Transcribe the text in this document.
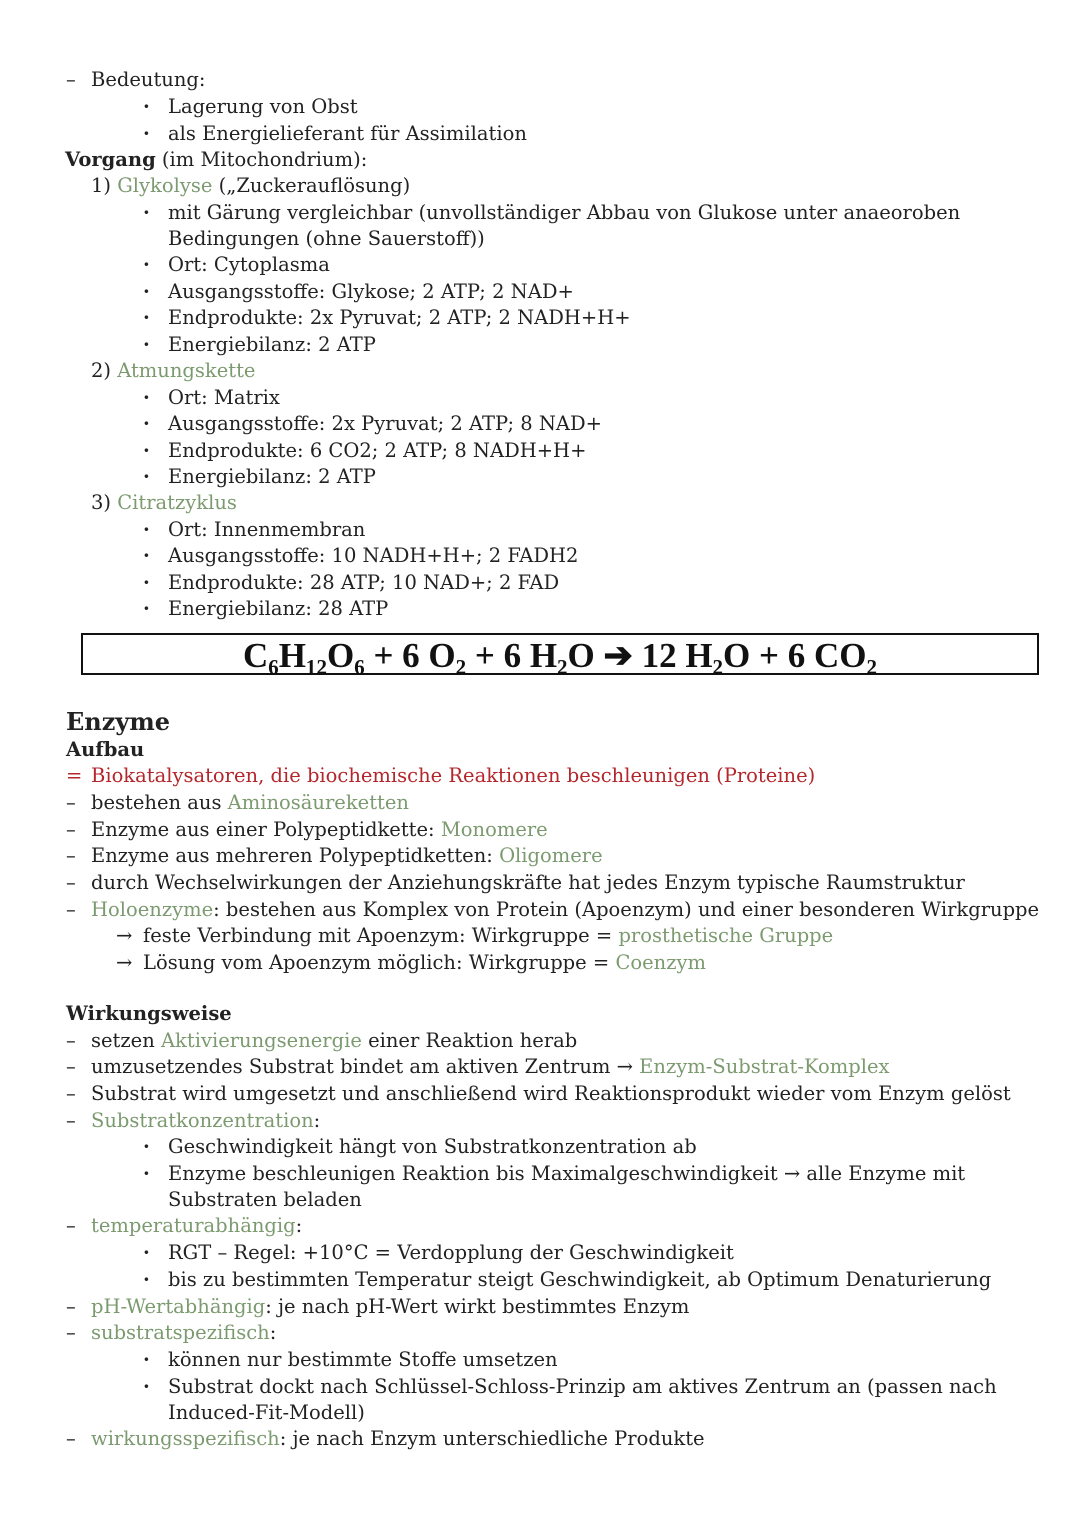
– Bedeutung:
· Lagerung von Obst
· als Energielieferant für Assimilation
Vorgang (im Mitochondrium):
1) Glykolyse („Zuckerauflösung)
· mit Gärung vergleichbar (unvollständiger Abbau von Glukose unter anaeoroben
Bedingungen (ohne Sauerstoff))
· Ort: Cytoplasma
· Ausgangsstoffe: Glykose; 2 ATP; 2 NAD+
· Endprodukte: 2x Pyruvat; 2 ATP; 2 NADH+H+
· Energiebilanz: 2 ATP
2) Atmungskette
· Ort: Matrix
· Ausgangsstoffe: 2x Pyruvat; 2 ATP; 8 NAD+
· Endprodukte: 6 CO2; 2 ATP; 8 NADH+H+
· Energiebilanz: 2 ATP
3) Citratzyklus
· Ort: Innenmembran
· Ausgangsstoffe: 10 NADH+H+; 2 FADH2
· Endprodukte: 28 ATP; 10 NAD+; 2 FAD
· Energiebilanz: 28 ATP
C₆H₁₂O₆ + 6 O₂ + 6 H₂O ➔ 12 H₂O + 6 CO₂
Enzyme
Aufbau
= Biokatalysatoren, die biochemische Reaktionen beschleunigen (Proteine)
– bestehen aus Aminosäureketten
– Enzyme aus einer Polypeptidkette: Monomere
– Enzyme aus mehreren Polypeptidketten: Oligomere
– durch Wechselwirkungen der Anziehungskräfte hat jedes Enzym typische Raumstruktur
– Holoenzyme: bestehen aus Komplex von Protein (Apoenzym) und einer besonderen Wirkgruppe
→ feste Verbindung mit Apoenzym: Wirkgruppe = prosthetische Gruppe
→ Lösung vom Apoenzym möglich: Wirkgruppe = Coenzym
Wirkungsweise
– setzen Aktivierungsenergie einer Reaktion herab
– umzusetzendes Substrat bindet am aktiven Zentrum → Enzym-Substrat-Komplex
– Substrat wird umgesetzt und anschließend wird Reaktionsprodukt wieder vom Enzym gelöst
– Substratkonzentration:
· Geschwindigkeit hängt von Substratkonzentration ab
· Enzyme beschleunigen Reaktion bis Maximalgeschwindigkeit → alle Enzyme mit
Substraten beladen
– temperaturabhängig:
· RGT – Regel: +10°C = Verdopplung der Geschwindigkeit
· bis zu bestimmten Temperatur steigt Geschwindigkeit, ab Optimum Denaturierung
– pH-Wertabhängig: je nach pH-Wert wirkt bestimmtes Enzym
– substratspezifisch:
· können nur bestimmte Stoffe umsetzen
· Substrat dockt nach Schlüssel-Schloss-Prinzip am aktives Zentrum an (passen nach
Induced-Fit-Modell)
– wirkungsspezifisch: je nach Enzym unterschiedliche Produkte
